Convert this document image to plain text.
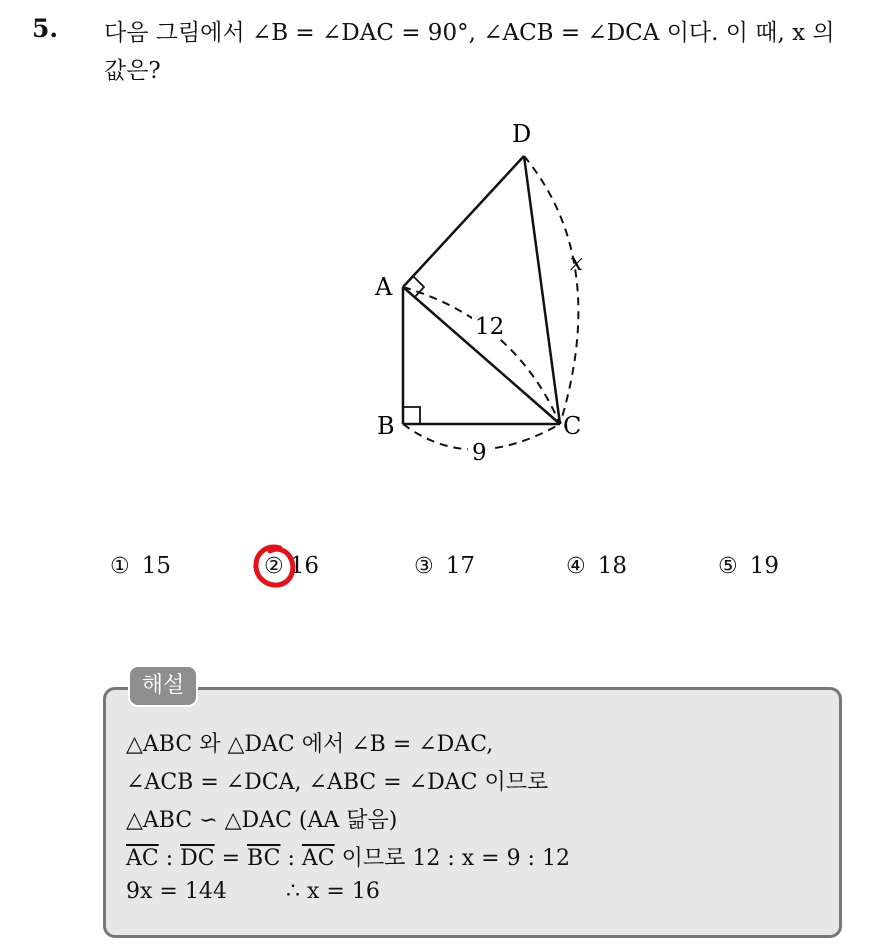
5. 다음 그림에서 ∠B = ∠DAC = 90°, ∠ACB = ∠DCA 이다. 이 때, x 의
값은?
D
A
B	C
x
12
9
① 15	② 16	③ 17	④ 18	⑤ 19
해설
△ABC 와 △DAC 에서 ∠B = ∠DAC,
∠ACB = ∠DCA, ∠ABC = ∠DAC 이므로
△ABC ∽ △DAC (AA 닮음)
$\overline{AC}$ : $\overline{DC} = \overline{BC}$ : $\overline{AC}$ 이므로 12 : x = 9 : 12
9x = 144	∴ x = 16
